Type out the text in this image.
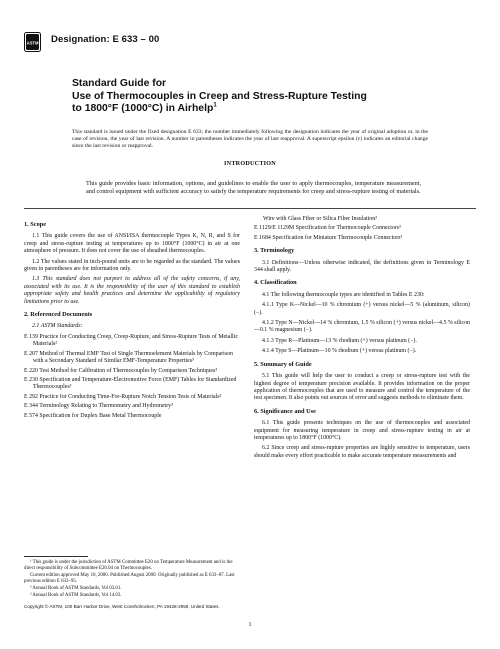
ASTM Designation: E 633 – 00
Standard Guide for
Use of Thermocouples in Creep and Stress-Rupture Testing
to 1800°F (1000°C) in Airhelp$^1$
This standard is issued under the fixed designation E 633; the number immediately following the designation indicates the year of original adoption or, in the case of revision, the year of last revision. A number in parentheses indicates the year of last reapproval. A superscript epsilon (ε) indicates an editorial change since the last revision or reapproval.
INTRODUCTION
This guide provides basic information, options, and guidelines to enable the user to apply thermocouples, temperature measurement, and control equipment with sufficient accuracy to satisfy the temperature requirements for creep and stress-rupture testing of materials.
1. Scope
1.1 This guide covers the use of ANSI/ISA thermocouple Types K, N, R, and S for creep and stress-rupture testing at temperatures up to 1800°F (1000°C) in air at one atmosphere of pressure. It does not cover the use of sheathed thermocouples.
1.2 The values stated in inch-pound units are to be regarded as the standard. The values given in parentheses are for information only.
1.3 This standard does not purport to address all of the safety concerns, if any, associated with its use. It is the responsibility of the user of this standard to establish appropriate safety and health practices and determine the applicability of regulatory limitations prior to use.
2. Referenced Documents
2.1 ASTM Standards:
E 139 Practice for Conducting Creep, Creep-Rupture, and Stress-Rupture Tests of Metallic Materials²
E 207 Method of Thermal EMF Test of Single Thermoelement Materials by Comparison with a Secondary Standard of Similar EMF-Temperature Properties³
E 220 Test Method for Calibration of Thermocouples by Comparison Techniques³
E 230 Specification and Temperature-Electromotive Force (EMF) Tables for Standardized Thermocouples³
E 292 Practice for Conducting Time-For-Rupture Notch Tension Tests of Materials²
E 344 Terminology Relating to Thermometry and Hydrometry³
E 574 Specification for Duplex Base Metal Thermocouple
¹ This guide is under the jurisdiction of ASTM Committee E20 on Temperature Measurement and is the direct responsibility of Subcommittee E20.04 on Thermocouples.
Current edition approved May 10, 2000. Published August 2000. Originally published as E 633–87. Last previous edition E 633–95.
² Annual Book of ASTM Standards, Vol 03.01.
³ Annual Book of ASTM Standards, Vol 14.03.
Wire with Glass Fiber or Silica Fiber Insulation³
E 1129/E 1129M Specification for Thermocouple Connectors³
E 1684 Specification for Miniature Thermocouple Connectors³
3. Terminology
3.1 Definitions—Unless otherwise indicated, the definitions given in Terminology E 344 shall apply.
4. Classification
4.1 The following thermocouple types are identified in Tables E 230:
4.1.1 Type K—Nickel—10 % chromium (+) versus nickel—5 % (aluminum, silicon) (−).
4.1.2 Type N—Nickel—14 % chromium, 1.5 % silicon (+) versus nickel—4.5 % silicon—0.1 % magnesium (−).
4.1.3 Type R—Platinum—13 % rhodium (+) versus platinum (−).
4.1.4 Type S—Platinum—10 % rhodium (+) versus platinum (−).
5. Summary of Guide
5.1 This guide will help the user to conduct a creep or stress-rupture test with the highest degree of temperature precision available. It provides information on the proper application of thermocouples that are used to measure and control the temperature of the test specimen. It also points out sources of error and suggests methods to eliminate them.
6. Significance and Use
6.1 This guide presents techniques on the use of thermocouples and associated equipment for measuring temperature in creep and stress-rupture testing in air at temperatures up to 1800°F (1000°C).
6.2 Since creep and stress-rupture properties are highly sensitive to temperature, users should make every effort practicable to make accurate temperature measurements and
Copyright © ASTM, 100 Barr Harbor Drive, West Conshohocken, PA 19428-2959, United States.
1
